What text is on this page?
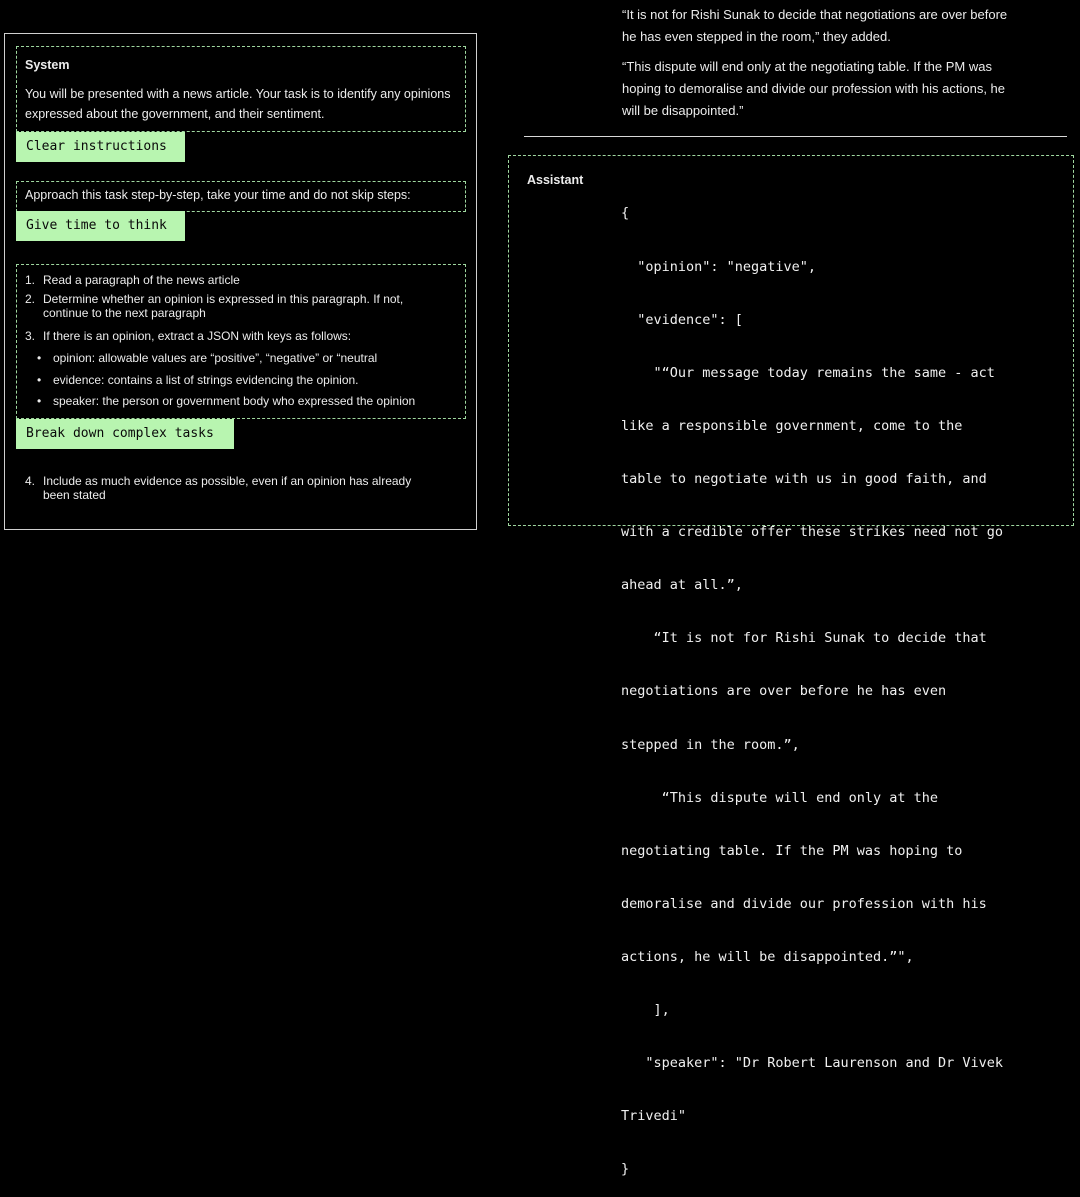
“It is not for Rishi Sunak to decide that negotiations are over before
he has even stepped in the room,” they added.
“This dispute will end only at the negotiating table. If the PM was
hoping to demoralise and divide our profession with his actions, he
will be disappointed.”
System
You will be presented with a news article. Your task is to identify any opinions
expressed about the government, and their sentiment.
Clear instructions
Approach this task step-by-step, take your time and do not skip steps:
Give time to think
1. Read a paragraph of the news article
2. Determine whether an opinion is expressed in this paragraph. If not,
continue to the next paragraph
3. If there is an opinion, extract a JSON with keys as follows:
• opinion: allowable values are “positive”, “negative” or “neutral
• evidence: contains a list of strings evidencing the opinion.
• speaker: the person or government body who expressed the opinion
Break down complex tasks
4. Include as much evidence as possible, even if an opinion has already
been stated
Assistant

{

"opinion": "negative",

"evidence": [

"“Our message today remains the same - act

like a responsible government, come to the

table to negotiate with us in good faith, and

with a credible offer these strikes need not go

ahead at all.”,

“It is not for Rishi Sunak to decide that

negotiations are over before he has even

stepped in the room.”,

“This dispute will end only at the

negotiating table. If the PM was hoping to

demoralise and divide our profession with his

actions, he will be disappointed.”",

],

"speaker": "Dr Robert Laurenson and Dr Vivek

Trivedi"

}
